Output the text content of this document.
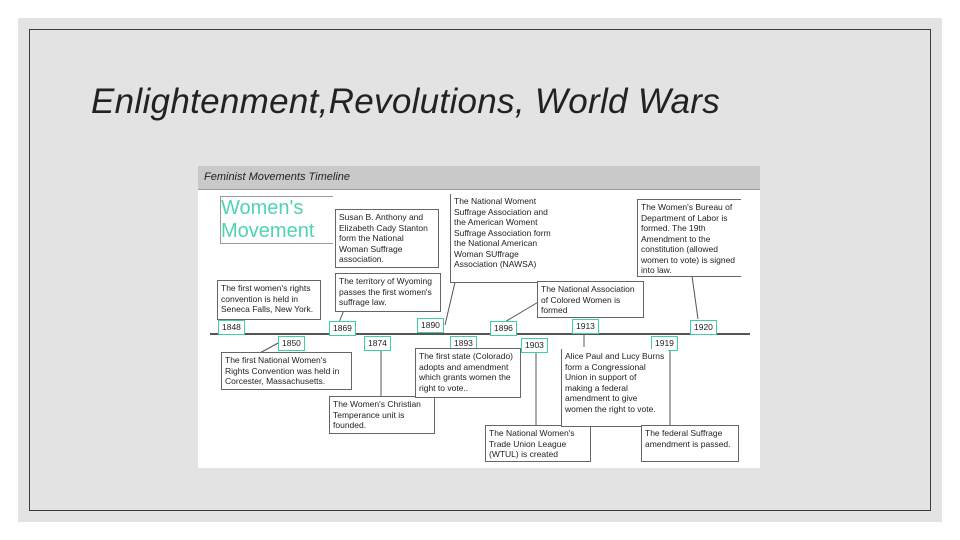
Enlightenment,Revolutions, World Wars
Feminist Movements Timeline
Women's
Movement
1848
1850
1869
1874
1890
1893
1896
1903
1913
1919
1920
The first women's rights convention is held in Seneca Falls, New York.
The first National Women's Rights Convention was held in Corcester, Massachusetts.
Susan B. Anthony and Elizabeth Cady Stanton form the National Woman Suffrage association.
The territory of Wyoming passes the first women's suffrage law.
The Women's Christian Temperance unit is founded.
The National Woment Suffrage Association and the American Woment Suffrage Association form the National American Woman SUffrage Association (NAWSA)
The first state (Colorado) adopts and amendment which grants women the right to vote..
The National Association of Colored Women is formed
The National Women's Trade Union League (WTUL) is created
Alice Paul and Lucy Burns form a Congressional Union in support of making a federal amendment to give women the right to vote.
The federal Suffrage amendment is passed.
The Women's Bureau of Department of Labor is formed. The 19th Amendment to the constitution (allowed women to vote) is signed into law.
